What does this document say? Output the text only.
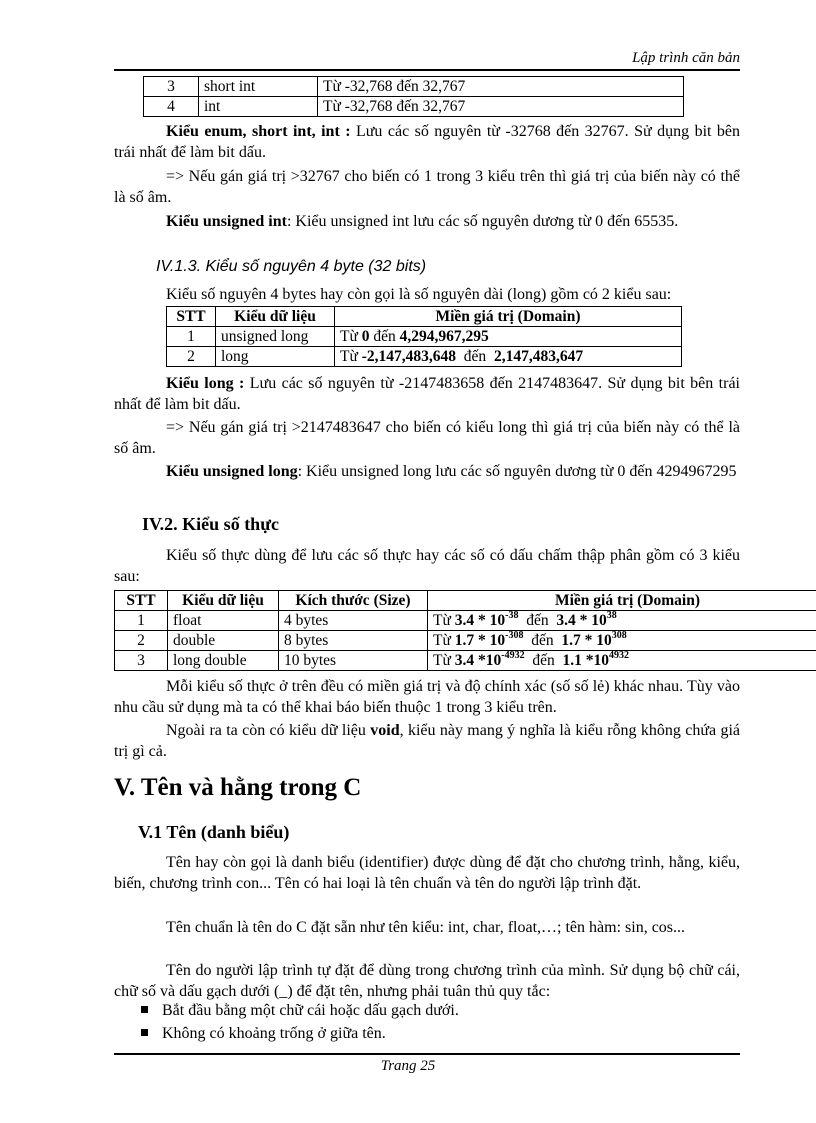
Lập trình căn bản
3	short int	Từ -32,768 đến 32,767
4	int	Từ -32,768 đến 32,767
Kiểu enum, short int, int : Lưu các số nguyên từ -32768 đến 32767. Sử dụng bit bên trái nhất để làm bit dấu.
=> Nếu gán giá trị >32767 cho biến có 1 trong 3 kiểu trên thì giá trị của biến này có thể là số âm.
Kiểu unsigned int: Kiểu unsigned int lưu các số nguyên dương từ 0 đến 65535.
IV.1.3. Kiểu số nguyên 4 byte (32 bits)
Kiểu số nguyên 4 bytes hay còn gọi là số nguyên dài (long) gồm có 2 kiểu sau:
STT	Kiểu dữ liệu	Miền giá trị (Domain)
1	unsigned long	Từ 0 đến 4,294,967,295
2	long	Từ -2,147,483,648  đến  2,147,483,647
Kiểu long : Lưu các số nguyên từ -2147483658 đến 2147483647. Sử dụng bit bên trái nhất để làm bit dấu.
=> Nếu gán giá trị >2147483647 cho biến có kiểu long thì giá trị của biến này có thể là số âm.
Kiểu unsigned long: Kiểu unsigned long lưu các số nguyên dương từ 0 đến 4294967295
IV.2. Kiểu số thực
Kiểu số thực dùng để lưu các số thực hay các số có dấu chấm thập phân gồm có 3 kiểu sau:
STT	Kiểu dữ liệu	Kích thước (Size)	Miền giá trị (Domain)
1	float	4 bytes	Từ $3.4 * 10^{-38}$  đến  $3.4 * 10^{38}$
2	double	8 bytes	Từ $1.7 * 10^{-308}$  đến  $1.7 * 10^{308}$
3	long double	10 bytes	Từ 3.4 $*10^{-4932}$  đến  1.1 $*10^{4932}$
Mỗi kiểu số thực ở trên đều có miền giá trị và độ chính xác (số số lẻ) khác nhau. Tùy vào nhu cầu sử dụng mà ta có thể khai báo biến thuộc 1 trong 3 kiểu trên.
Ngoài ra ta còn có kiểu dữ liệu void, kiểu này mang ý nghĩa là kiểu rỗng không chứa giá trị gì cả.
V. Tên và hằng trong C
V.1 Tên (danh biểu)
Tên hay còn gọi là danh biểu (identifier) được dùng để đặt cho chương trình, hằng, kiểu, biến, chương trình con... Tên có hai loại là tên chuẩn và tên do người lập trình đặt.
Tên chuẩn là tên do C đặt sẵn như tên kiểu: int, char, float,…; tên hàm: sin, cos...
Tên do người lập trình tự đặt để dùng trong chương trình của mình. Sử dụng bộ chữ cái, chữ số và dấu gạch dưới (_) để đặt tên, nhưng phải tuân thủ quy tắc:
Bắt đầu bằng một chữ cái hoặc dấu gạch dưới.
Không có khoảng trống ở giữa tên.
Trang 25
